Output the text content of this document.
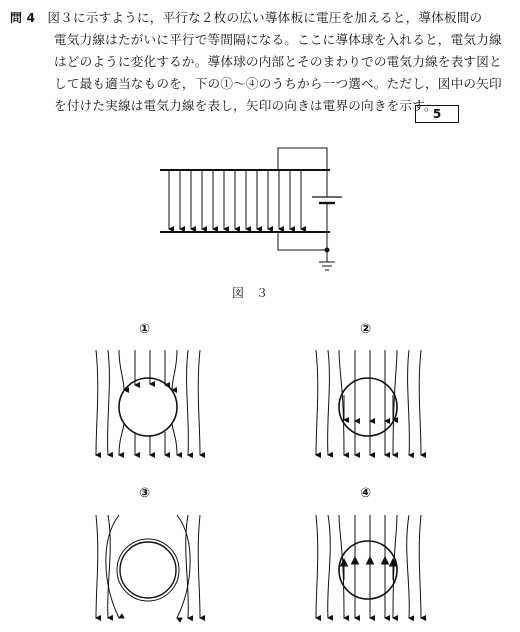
問 4 図３に示すように，平行な２枚の広い導体板に電圧を加えると，導体板間の
電気力線はたがいに平行で等間隔になる。ここに導体球を入れると，電気力線
はどのように変化するか。導体球の内部とそのまわりでの電気力線を表す図と
して最も適当なものを，下の①～④のうちから一つ選べ。ただし，図中の矢印
を付けた実線は電気力線を表し，矢印の向きは電界の向きを示す。
5
図　３
①	②
③	④
